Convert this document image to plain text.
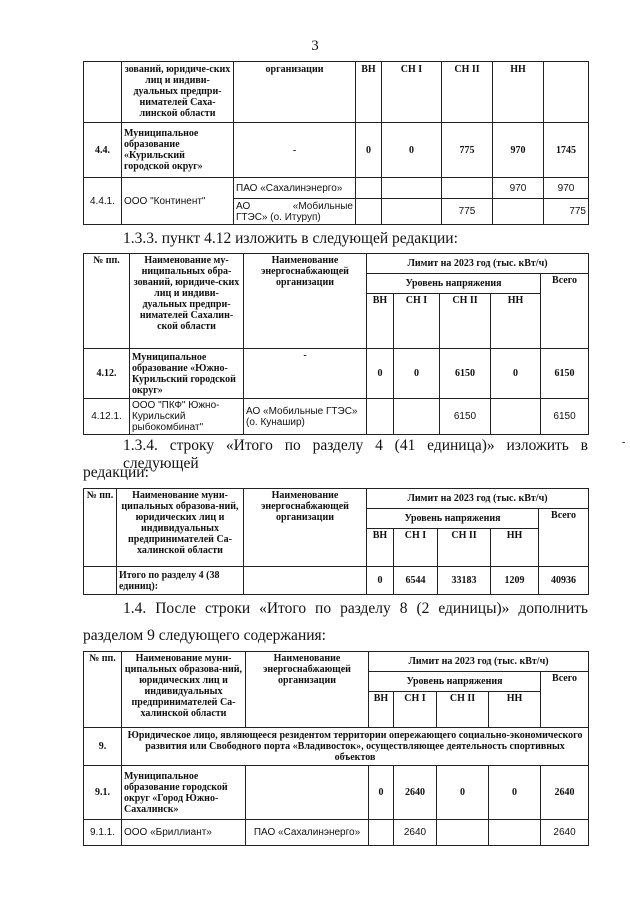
3
	зований, юридиче-ских лиц и индиви-дуальных предпри-нимателей Саха-линской области	организации	ВН	СН I	СН II	НН	
4.4.	Муниципальное образование «Курильский городской округ»	-	0	0	775	970	1745
4.4.1.	ООО "Континент"	ПАО «Сахалинэнерго»				970	970

		АО «Мобильные
ГТЭС» (о. Итуруп)			775		775
1.3.3. пункт 4.12 изложить в следующей редакции:
№ пп.	Наименование му-ниципальных обра-зований, юридиче-ских лиц и индиви-дуальных предпри-нимателей Сахалин-ской области	Наименование энергоснабжающей организации	Лимит на 2023 год (тыс. кВт/ч)				
			Уровень напряжения				Всего
			ВН	СН I	СН II	НН	
4.12.	Муниципальное образование «Южно-Курильский городской округ»	-	0	0	6150	0	6150
4.12.1.	ООО "ПКФ" Южно-Курильский рыбокомбинат"	АО «Мобильные ГТЭС» (о. Кунашир)			6150		6150
1.3.4. строку «Итого по разделу 4 (41 единица)» изложить в следующей
редакции:
-
№ пп.	Наименование муни-ципальных образова-ний, юридических лиц и индивидуальных предпринимателей Са-халинской области	Наименование энергоснабжающей организации	Лимит на 2023 год (тыс. кВт/ч)				
			Уровень напряжения				Всего
			ВН	СН I	СН II	НН	
	Итого по разделу 4 (38 единиц):		0	6544	33183	1209	40936
1.4. После строки «Итого по разделу 8 (2 единицы)» дополнить
разделом 9 следующего содержания:
№ пп.	Наименование муни-ципальных образова-ний, юридических лиц и индивидуальных предпринимателей Са-халинской области	Наименование энергоснабжающей организации	Лимит на 2023 год (тыс. кВт/ч)				
			Уровень напряжения				Всего
			ВН	СН I	СН II	НН	
9.	Юридическое лицо, являющееся резидентом территории опережающего социально-экономического развития или Свободного порта «Владивосток», осуществляющее деятельность спортивных объектов						
9.1.	Муниципальное образование городской округ «Город Южно-Сахалинск»		0	2640	0	0	2640
9.1.1.	ООО «Бриллиант»	ПАО «Сахалинэнерго»		2640			2640
